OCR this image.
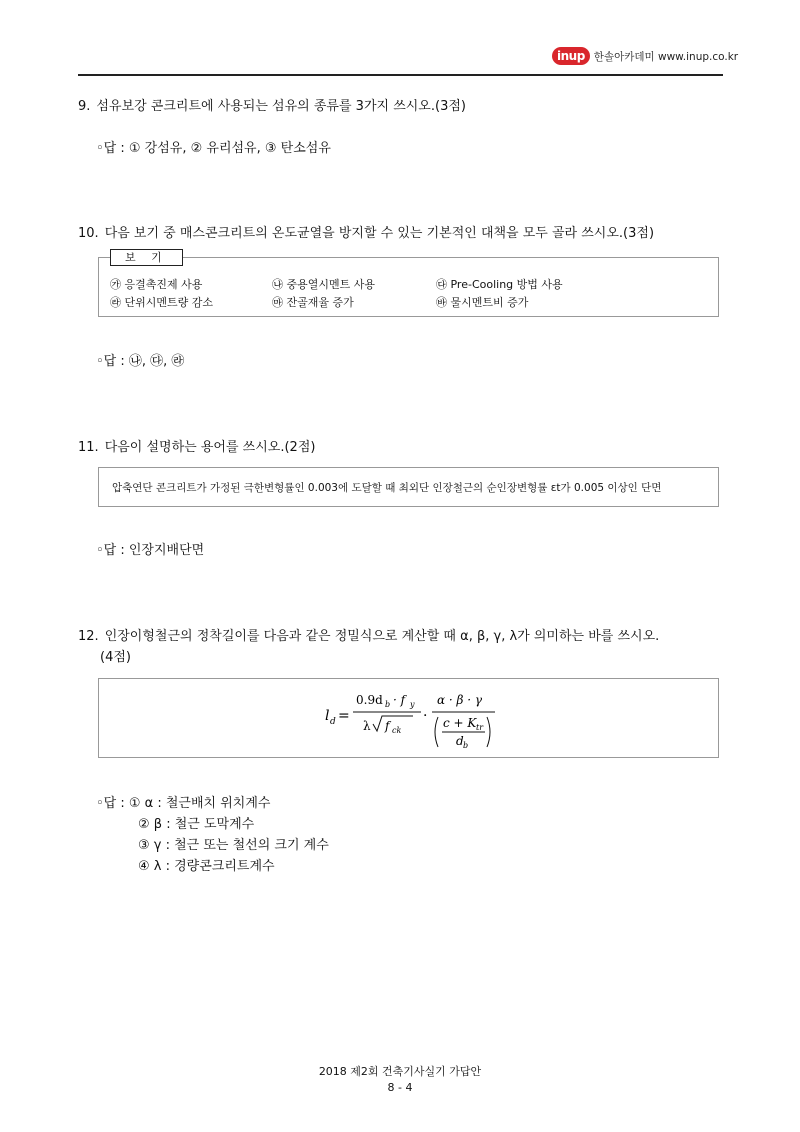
inup 한솔아카데미 www.inup.co.kr
9. 섬유보강 콘크리트에 사용되는 섬유의 종류를 3가지 쓰시오.(3점)
◦답 : ① 강섬유, ② 유리섬유, ③ 탄소섬유
10. 다음 보기 중 매스콘크리트의 온도균열을 방지할 수 있는 기본적인 대책을 모두 골라 쓰시오.(3점)
보 기
㉮ 응결촉진제 사용	㉯ 중용열시멘트 사용	㉰ Pre-Cooling 방법 사용
㉱ 단위시멘트량 감소	㉲ 잔골재율 증가	㉳ 물시멘트비 증가
◦답 : ㉯, ㉰, ㉱
11. 다음이 설명하는 용어를 쓰시오.(2점)
압축연단 콘크리트가 가정된 극한변형률인 0.003에 도달할 때 최외단 인장철근의 순인장변형률 εt가 0.005 이상인 단면
◦답 : 인장지배단면
12. 인장이형철근의 정착길이를 다음과 같은 정밀식으로 계산할 때 α, β, γ, λ가 의미하는 바를 쓰시오.
(4점)
l d =
0.9d b · f y
λ f ck
·
α · β · γ
c + K tr
d b
◦답 : ① α : 철근배치 위치계수
② β : 철근 도막계수
③ γ : 철근 또는 철선의 크기 계수
④ λ : 경량콘크리트계수
2018 제2회 건축기사실기 가답안
8 - 4
